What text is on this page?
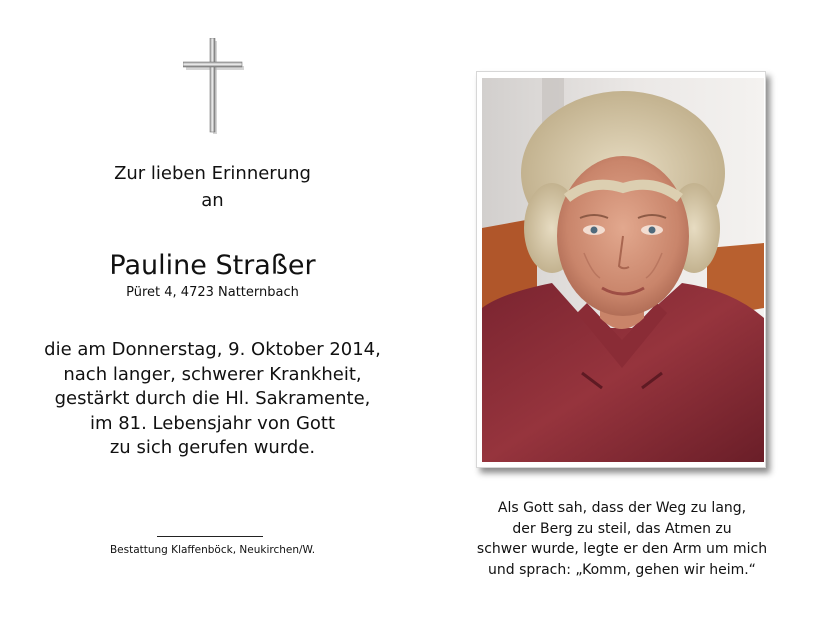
Zur lieben Erinnerung
an
Pauline Straßer
Püret 4, 4723 Natternbach
die am Donnerstag, 9. Oktober 2014,
nach langer, schwerer Krankheit,
gestärkt durch die Hl. Sakramente,
im 81. Lebensjahr von Gott
zu sich gerufen wurde.
Bestattung Klaffenböck, Neukirchen/W.
Als Gott sah, dass der Weg zu lang,
der Berg zu steil, das Atmen zu
schwer wurde, legte er den Arm um mich
und sprach: „Komm, gehen wir heim.“
